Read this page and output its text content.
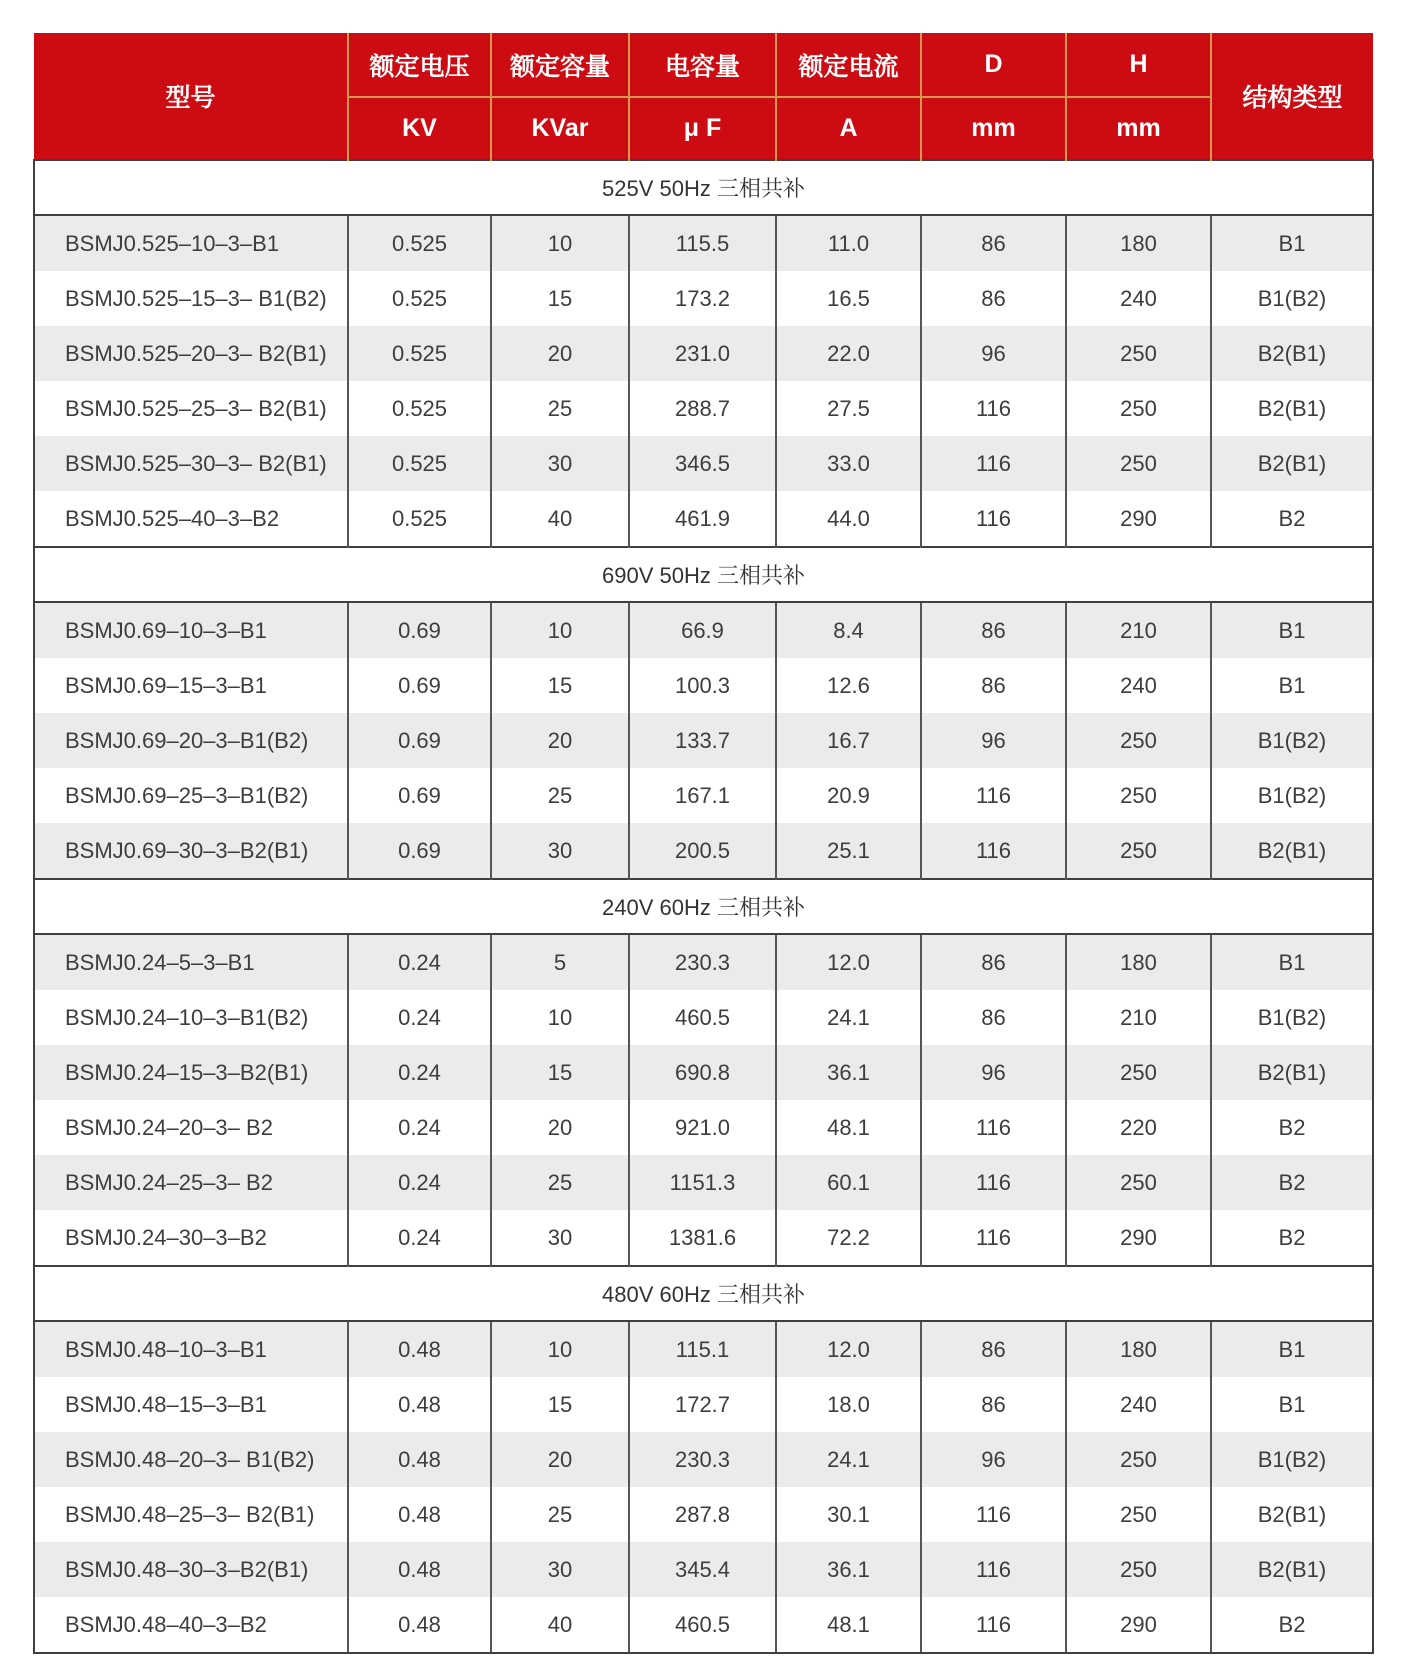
型号	额定电压	额定容量	电容量	额定电流	D	H	结构类型
	KV	KVar	μ F	A	mm	mm	
525V 50Hz 三相共补							
BSMJ0.525–10–3–B1	0.525	10	115.5	11.0	86	180	B1
BSMJ0.525–15–3– B1(B2)	0.525	15	173.2	16.5	86	240	B1(B2)
BSMJ0.525–20–3– B2(B1)	0.525	20	231.0	22.0	96	250	B2(B1)
BSMJ0.525–25–3– B2(B1)	0.525	25	288.7	27.5	116	250	B2(B1)
BSMJ0.525–30–3– B2(B1)	0.525	30	346.5	33.0	116	250	B2(B1)
BSMJ0.525–40–3–B2	0.525	40	461.9	44.0	116	290	B2
690V 50Hz 三相共补							
BSMJ0.69–10–3–B1	0.69	10	66.9	8.4	86	210	B1
BSMJ0.69–15–3–B1	0.69	15	100.3	12.6	86	240	B1
BSMJ0.69–20–3–B1(B2)	0.69	20	133.7	16.7	96	250	B1(B2)
BSMJ0.69–25–3–B1(B2)	0.69	25	167.1	20.9	116	250	B1(B2)
BSMJ0.69–30–3–B2(B1)	0.69	30	200.5	25.1	116	250	B2(B1)
240V 60Hz 三相共补							
BSMJ0.24–5–3–B1	0.24	5	230.3	12.0	86	180	B1
BSMJ0.24–10–3–B1(B2)	0.24	10	460.5	24.1	86	210	B1(B2)
BSMJ0.24–15–3–B2(B1)	0.24	15	690.8	36.1	96	250	B2(B1)
BSMJ0.24–20–3– B2	0.24	20	921.0	48.1	116	220	B2
BSMJ0.24–25–3– B2	0.24	25	1151.3	60.1	116	250	B2
BSMJ0.24–30–3–B2	0.24	30	1381.6	72.2	116	290	B2
480V 60Hz 三相共补							
BSMJ0.48–10–3–B1	0.48	10	115.1	12.0	86	180	B1
BSMJ0.48–15–3–B1	0.48	15	172.7	18.0	86	240	B1
BSMJ0.48–20–3– B1(B2)	0.48	20	230.3	24.1	96	250	B1(B2)
BSMJ0.48–25–3– B2(B1)	0.48	25	287.8	30.1	116	250	B2(B1)
BSMJ0.48–30–3–B2(B1)	0.48	30	345.4	36.1	116	250	B2(B1)
BSMJ0.48–40–3–B2	0.48	40	460.5	48.1	116	290	B2
